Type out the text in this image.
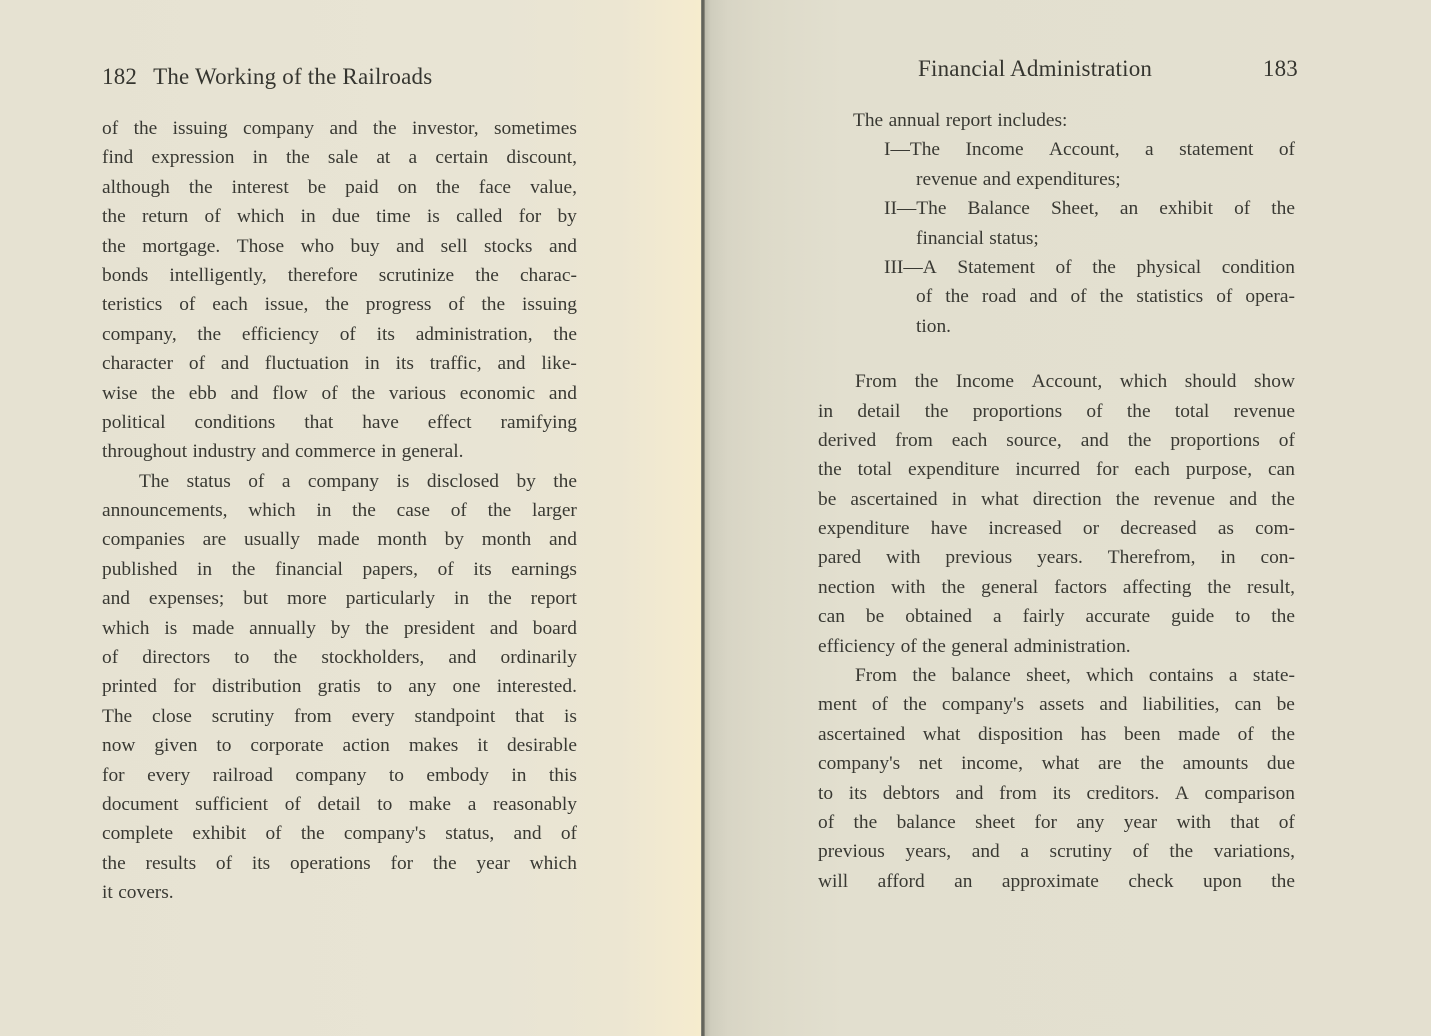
182 The Working of the Railroads
of the issuing company and the investor, sometimes
find expression in the sale at a certain discount,
although the interest be paid on the face value,
the return of which in due time is called for by
the mortgage. Those who buy and sell stocks and
bonds intelligently, therefore scrutinize the charac-
teristics of each issue, the progress of the issuing
company, the efficiency of its administration, the
character of and fluctuation in its traffic, and like-
wise the ebb and flow of the various economic and
political conditions that have effect ramifying
throughout industry and commerce in general.
The status of a company is disclosed by the
announcements, which in the case of the larger
companies are usually made month by month and
published in the financial papers, of its earnings
and expenses; but more particularly in the report
which is made annually by the president and board
of directors to the stockholders, and ordinarily
printed for distribution gratis to any one interested.
The close scrutiny from every standpoint that is
now given to corporate action makes it desirable
for every railroad company to embody in this
document sufficient of detail to make a reasonably
complete exhibit of the company's status, and of
the results of its operations for the year which
it covers.
Financial Administration	183
The annual report includes:
I—The Income Account, a statement of
revenue and expenditures;
II—The Balance Sheet, an exhibit of the
financial status;
III—A Statement of the physical condition
of the road and of the statistics of opera-
tion.
From the Income Account, which should show
in detail the proportions of the total revenue
derived from each source, and the proportions of
the total expenditure incurred for each purpose, can
be ascertained in what direction the revenue and the
expenditure have increased or decreased as com-
pared with previous years. Therefrom, in con-
nection with the general factors affecting the result,
can be obtained a fairly accurate guide to the
efficiency of the general administration.
From the balance sheet, which contains a state-
ment of the company's assets and liabilities, can be
ascertained what disposition has been made of the
company's net income, what are the amounts due
to its debtors and from its creditors. A comparison
of the balance sheet for any year with that of
previous years, and a scrutiny of the variations,
will afford an approximate check upon the
